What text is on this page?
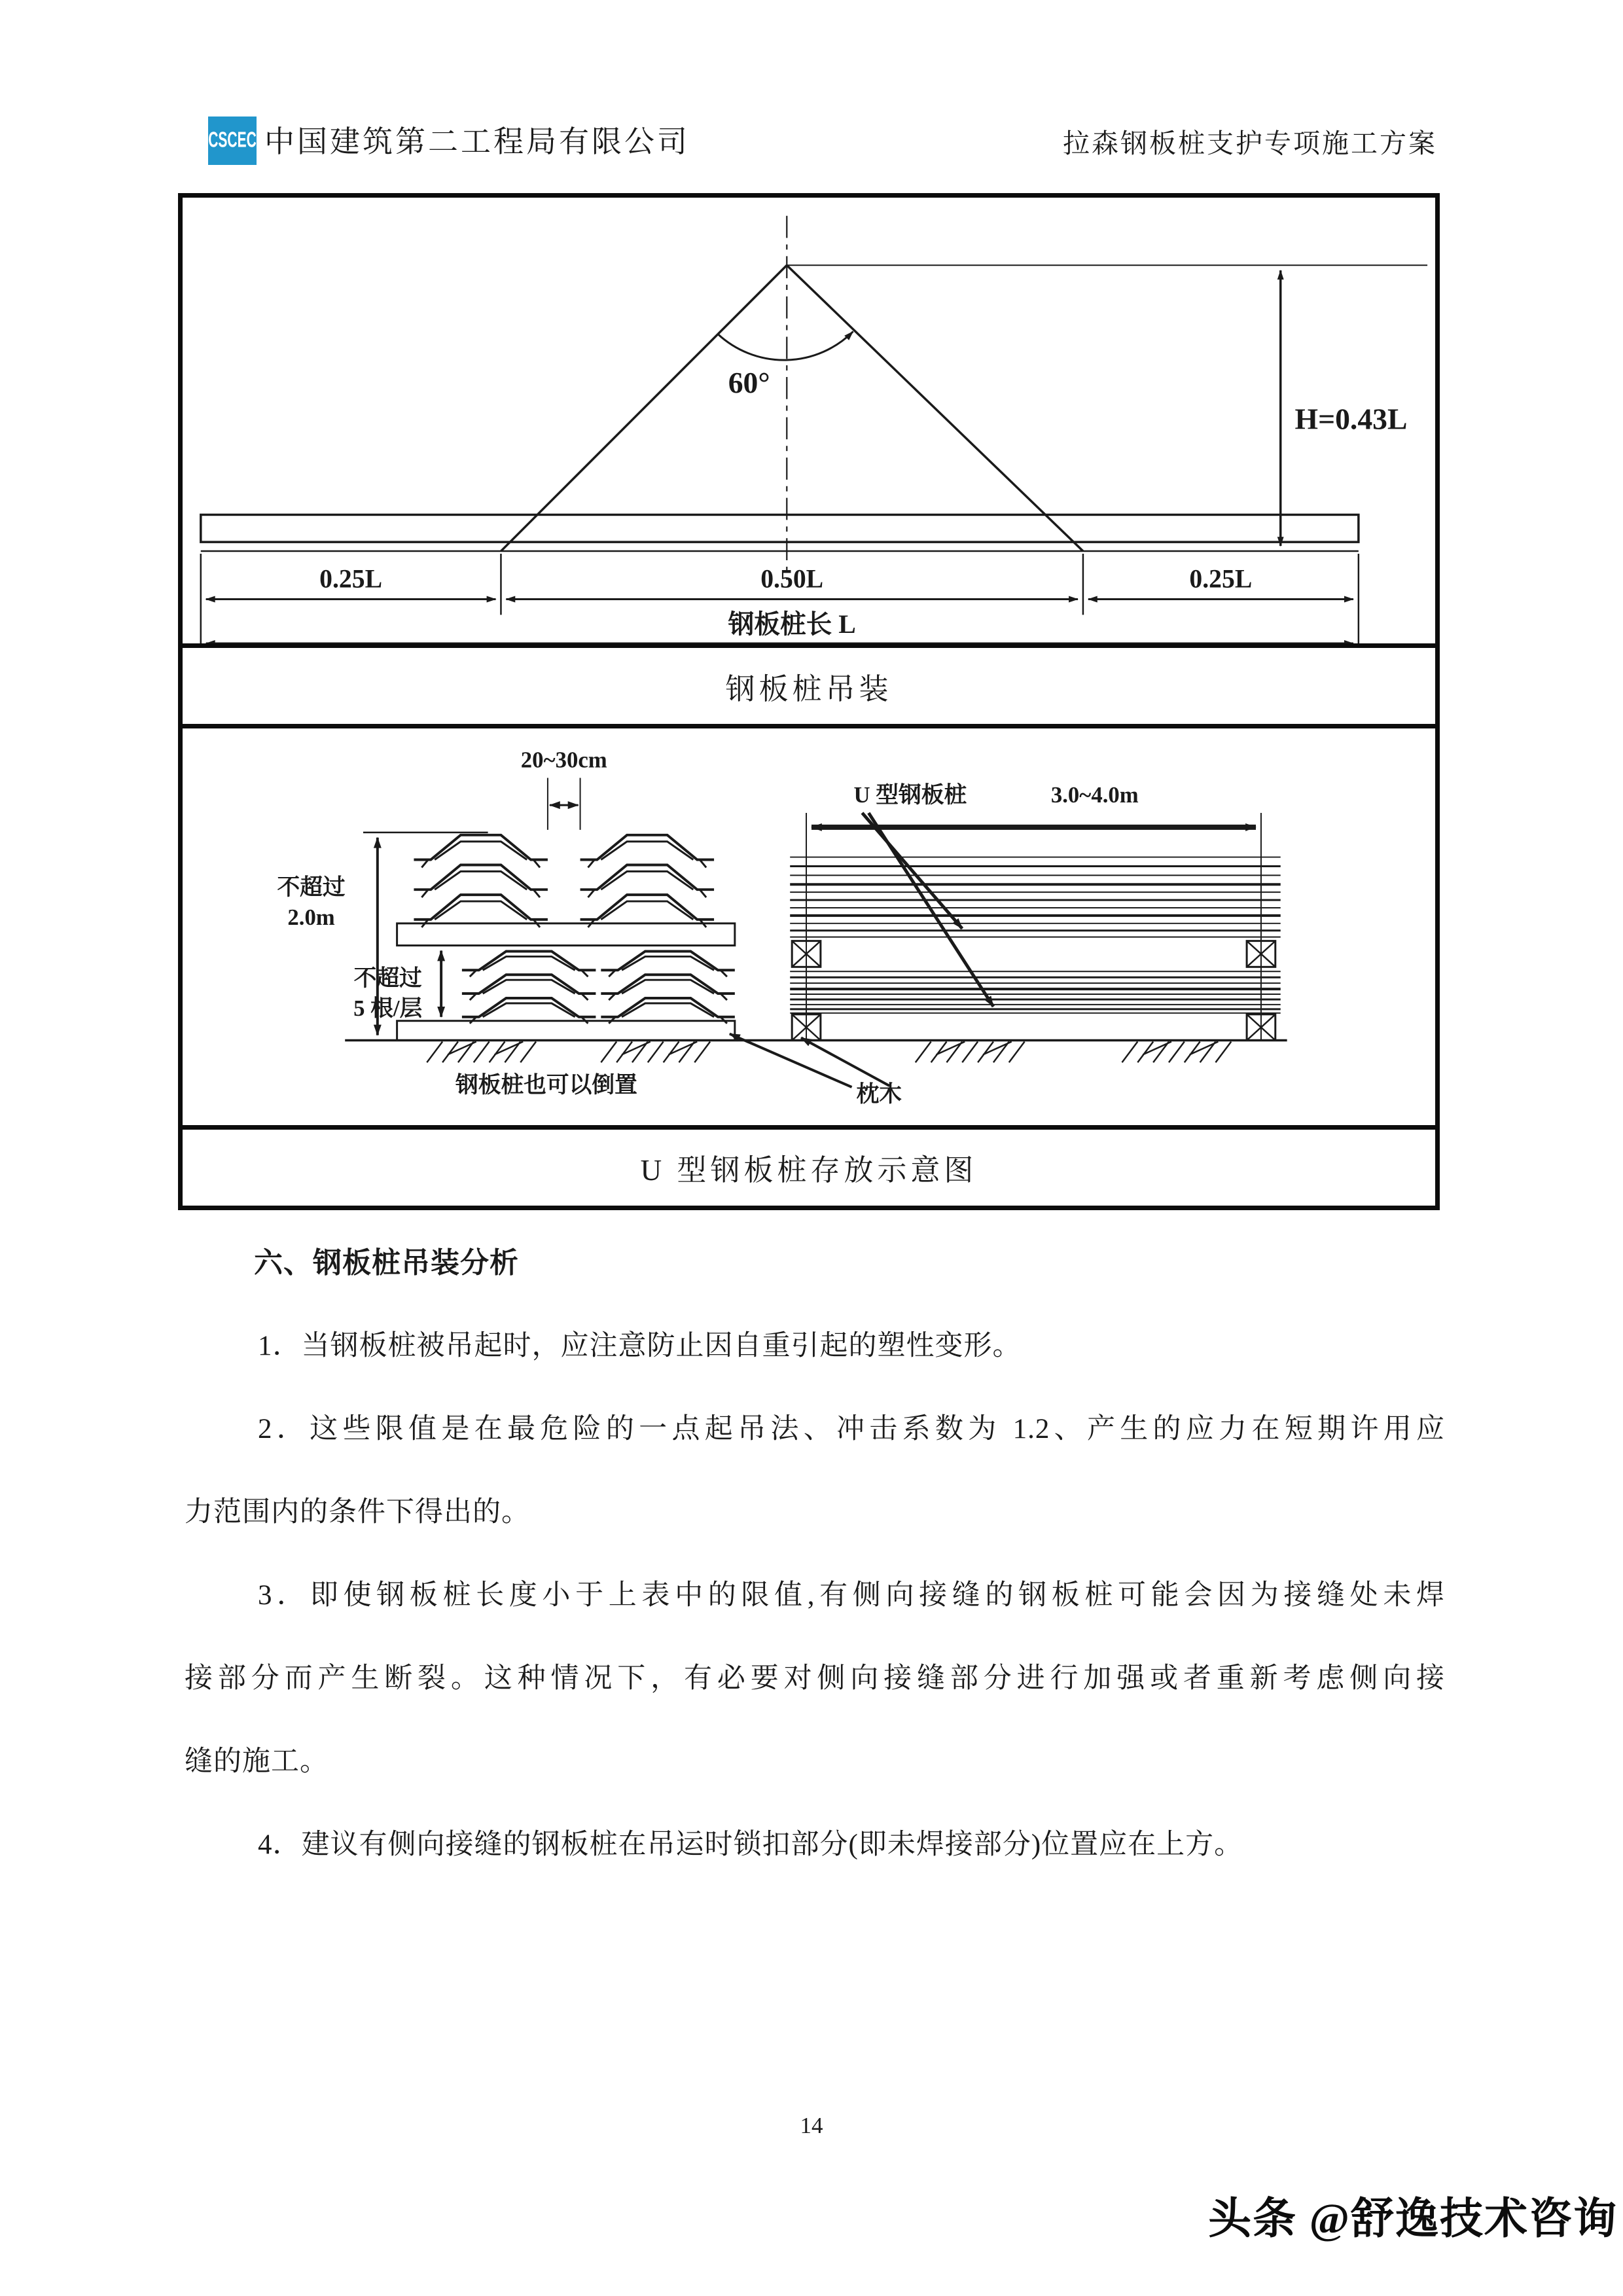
CSCEC 中国建筑第二工程局有限公司	拉森钢板桩支护专项施工方案
60°
H=0.43L
0.25L	0.50L	0.25L
钢板桩长 L
钢板桩吊装
不超过
2.0m
20~30cm
不超过
5 根/层
U 型钢板桩	3.0~4.0m
钢板桩也可以倒置	枕木
U 型钢板桩存放示意图
六、钢板桩吊装分析
1．当钢板桩被吊起时，应注意防止因自重引起的塑性变形。
2．这些限值是在最危险的一点起吊法、冲击系数为 1.2、产生的应力在短期许用应
力范围内的条件下得出的。
3．即使钢板桩长度小于上表中的限值,有侧向接缝的钢板桩可能会因为接缝处未焊
接部分而产生断裂。这种情况下，有必要对侧向接缝部分进行加强或者重新考虑侧向接
缝的施工。
4．建议有侧向接缝的钢板桩在吊运时锁扣部分(即未焊接部分)位置应在上方。
14
头条 @舒逸技术咨询
